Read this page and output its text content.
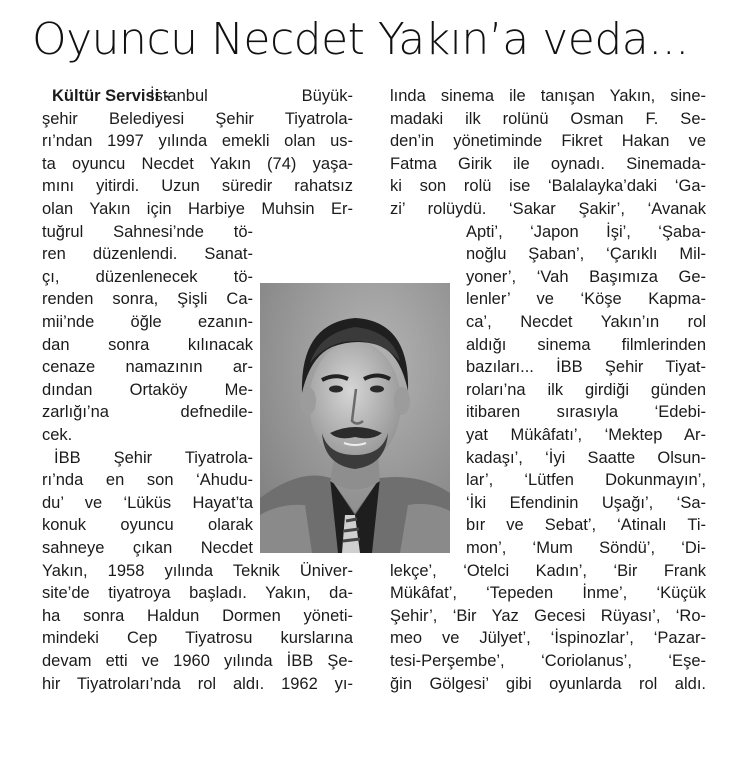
Oyuncu Necdet Yakın’a veda...
İstanbul Büyük-
şehir Belediyesi Şehir Tiyatrola-
rı’ndan 1997 yılında emekli olan us-
ta oyuncu Necdet Yakın (74) yaşa-
mını yitirdi. Uzun süredir rahatsız
olan Yakın için Harbiye Muhsin Er-
tuğrul Sahnesi’nde tö-
ren düzenlendi. Sanat-
çı, düzenlenecek tö-
renden sonra, Şişli Ca-
mii’nde öğle ezanın-
dan sonra kılınacak
cenaze namazının ar-
dından Ortaköy Me-
zarlığı’na defnedile-
cek.
İBB Şehir Tiyatrola-
rı’nda en son ‘Ahudu-
du’ ve ‘Lüküs Hayat’ta
konuk oyuncu olarak
sahneye çıkan Necdet
Yakın, 1958 yılında Teknik Üniver-
site’de tiyatroya başladı. Yakın, da-
ha sonra Haldun Dormen yöneti-
mindeki Cep Tiyatrosu kurslarına
devam etti ve 1960 yılında İBB Şe-
hir Tiyatroları’nda rol aldı. 1962 yı-
Kültür Servisi -	lında sinema ile tanışan Yakın, sine-
madaki ilk rolünü Osman F. Se-
den’in yönetiminde Fikret Hakan ve
Fatma Girik ile oynadı. Sinemada-
ki son rolü ise ‘Balalayka’daki ‘Ga-
zi’ rolüydü. ‘Sakar Şakir’, ‘Avanak
Apti’, ‘Japon İşi’, ‘Şaba-
noğlu Şaban’, ‘Çarıklı Mil-
yoner’, ‘Vah Başımıza Ge-
lenler’ ve ‘Köşe Kapma-
ca’, Necdet Yakın’ın rol
aldığı sinema filmlerinden
bazıları... İBB Şehir Tiyat-
roları’na ilk girdiği günden
itibaren sırasıyla ‘Edebi-
yat Mükâfatı’, ‘Mektep Ar-
kadaşı’, ‘İyi Saatte Olsun-
lar’, ‘Lütfen Dokunmayın’,
‘İki Efendinin Uşağı’, ‘Sa-
bır ve Sebat’, ‘Atinalı Ti-
mon’, ‘Mum Söndü’, ‘Di-
lekçe’, ‘Otelci Kadın’, ‘Bir Frank
Mükâfat’, ‘Tepeden İnme’, ‘Küçük
Şehir’, ‘Bir Yaz Gecesi Rüyası’, ‘Ro-
meo ve Jülyet’, ‘İspinozlar’, ‘Pazar-
tesi-Perşembe’, ‘Coriolanus’, ‘Eşe-
ğin Gölgesi’ gibi oyunlarda rol aldı.
